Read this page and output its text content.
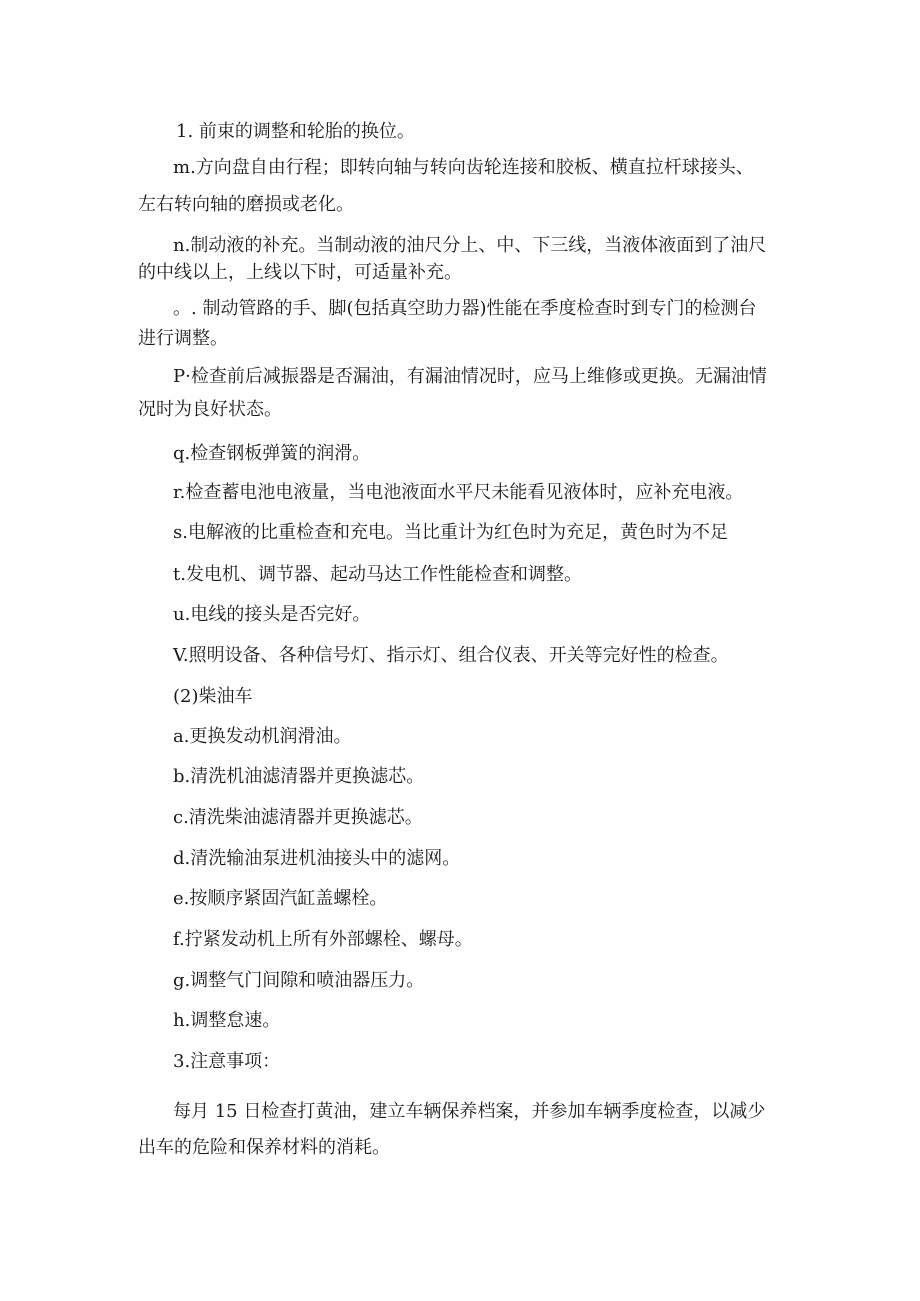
1. 前束的调整和轮胎的换位。
m.方向盘自由行程；即转向轴与转向齿轮连接和胶板、横直拉杆球接头、
左右转向轴的磨损或老化。
n.制动液的补充。当制动液的油尺分上、中、下三线，当液体液面到了油尺
的中线以上，上线以下时，可适量补充。
。. 制动管路的手、脚(包括真空助力器)性能在季度检查时到专门的检测台
进行调整。
P·检查前后减振器是否漏油，有漏油情况时，应马上维修或更换。无漏油情
况时为良好状态。
q.检查钢板弹簧的润滑。
r.检查蓄电池电液量，当电池液面水平尺未能看见液体时，应补充电液。
s.电解液的比重检查和充电。当比重计为红色时为充足，黄色时为不足
t.发电机、调节器、起动马达工作性能检查和调整。
u.电线的接头是否完好。
V.照明设备、各种信号灯、指示灯、组合仪表、开关等完好性的检查。
(2)柴油车
a.更换发动机润滑油。
b.清洗机油滤清器并更换滤芯。
c.清洗柴油滤清器并更换滤芯。
d.清洗输油泵进机油接头中的滤网。
e.按顺序紧固汽缸盖螺栓。
f.拧紧发动机上所有外部螺栓、螺母。
g.调整气门间隙和喷油器压力。
h.调整怠速。
3.注意事项：
每月 15 日检查打黄油，建立车辆保养档案，并参加车辆季度检查，以减少
出车的危险和保养材料的消耗。
